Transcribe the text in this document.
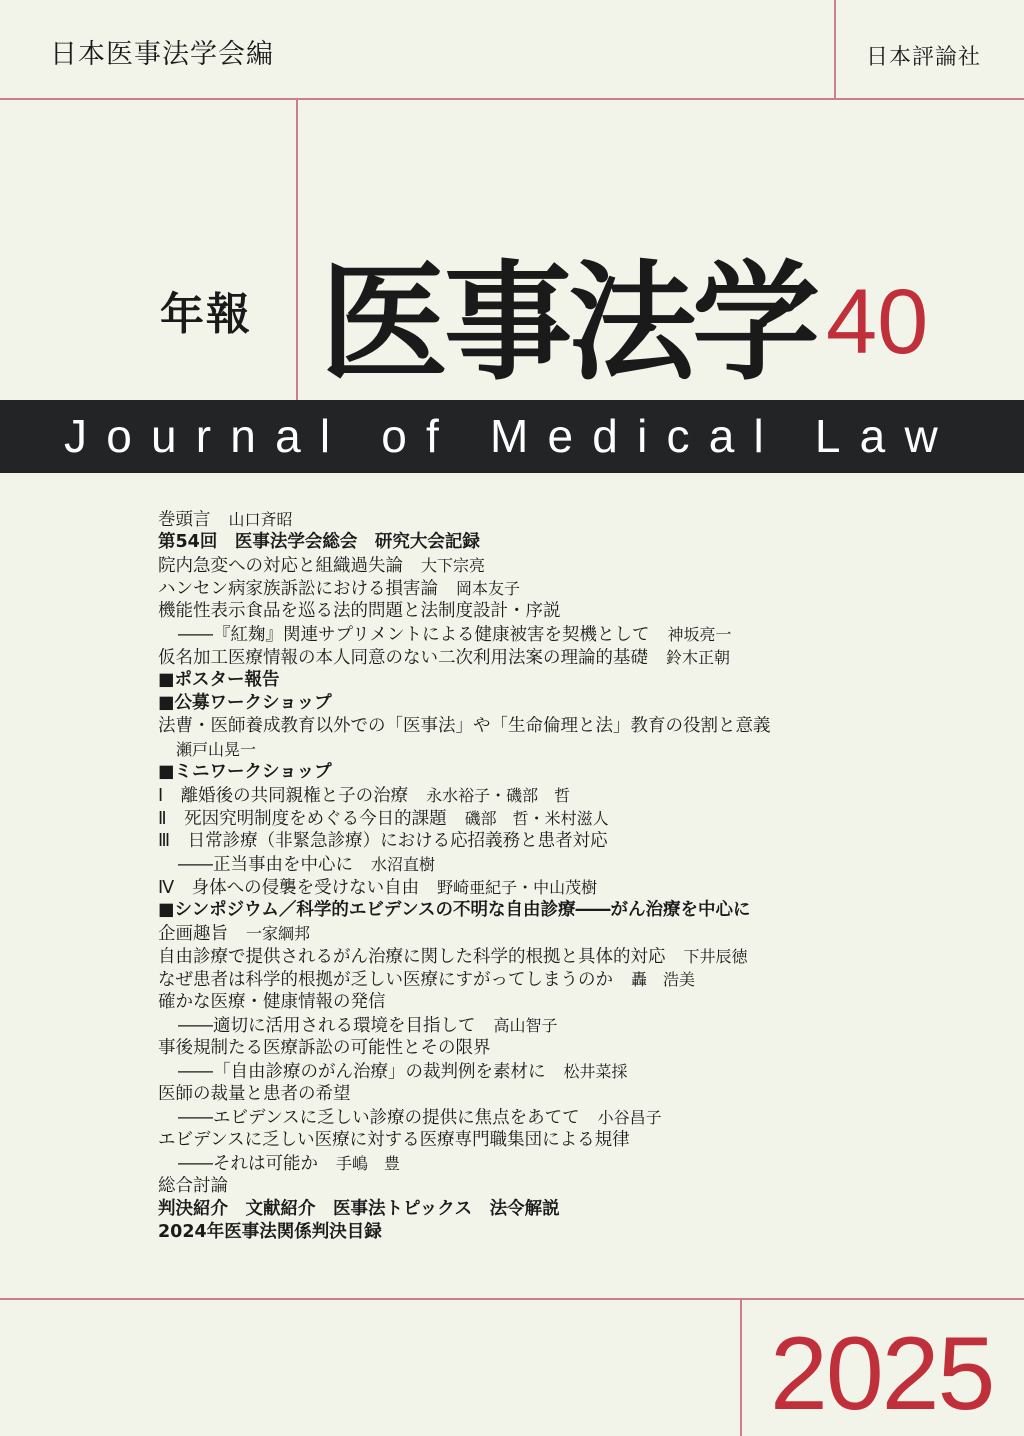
日本医事法学会編	日本評論社
年報 医事法学 40
Journal of Medical Law
巻頭言 山口斉昭
第54回　医事法学会総会　研究大会記録
院内急変への対応と組織過失論 大下宗亮
ハンセン病家族訴訟における損害論 岡本友子
機能性表示食品を巡る法的問題と法制度設計・序説
――『紅麹』関連サプリメントによる健康被害を契機として 神坂亮一
仮名加工医療情報の本人同意のない二次利用法案の理論的基礎 鈴木正朝
■ポスター報告
■公募ワークショップ
法曹・医師養成教育以外での「医事法」や「生命倫理と法」教育の役割と意義
瀬戸山晃一
■ミニワークショップ
Ⅰ　離婚後の共同親権と子の治療 永水裕子・磯部　哲
Ⅱ　死因究明制度をめぐる今日的課題 磯部　哲・米村滋人
Ⅲ　日常診療（非緊急診療）における応招義務と患者対応
――正当事由を中心に 水沼直樹
Ⅳ　身体への侵襲を受けない自由 野崎亜紀子・中山茂樹
■シンポジウム／科学的エビデンスの不明な自由診療――がん治療を中心に
企画趣旨 一家綱邦
自由診療で提供されるがん治療に関した科学的根拠と具体的対応 下井辰徳
なぜ患者は科学的根拠が乏しい医療にすがってしまうのか 轟　浩美
確かな医療・健康情報の発信
――適切に活用される環境を目指して 高山智子
事後規制たる医療訴訟の可能性とその限界
――「自由診療のがん治療」の裁判例を素材に 松井菜採
医師の裁量と患者の希望
――エビデンスに乏しい診療の提供に焦点をあてて 小谷昌子
エビデンスに乏しい医療に対する医療専門職集団による規律
――それは可能か 手嶋　豊
総合討論
判決紹介　文献紹介　医事法トピックス　法令解説
2024年医事法関係判決目録
2025
